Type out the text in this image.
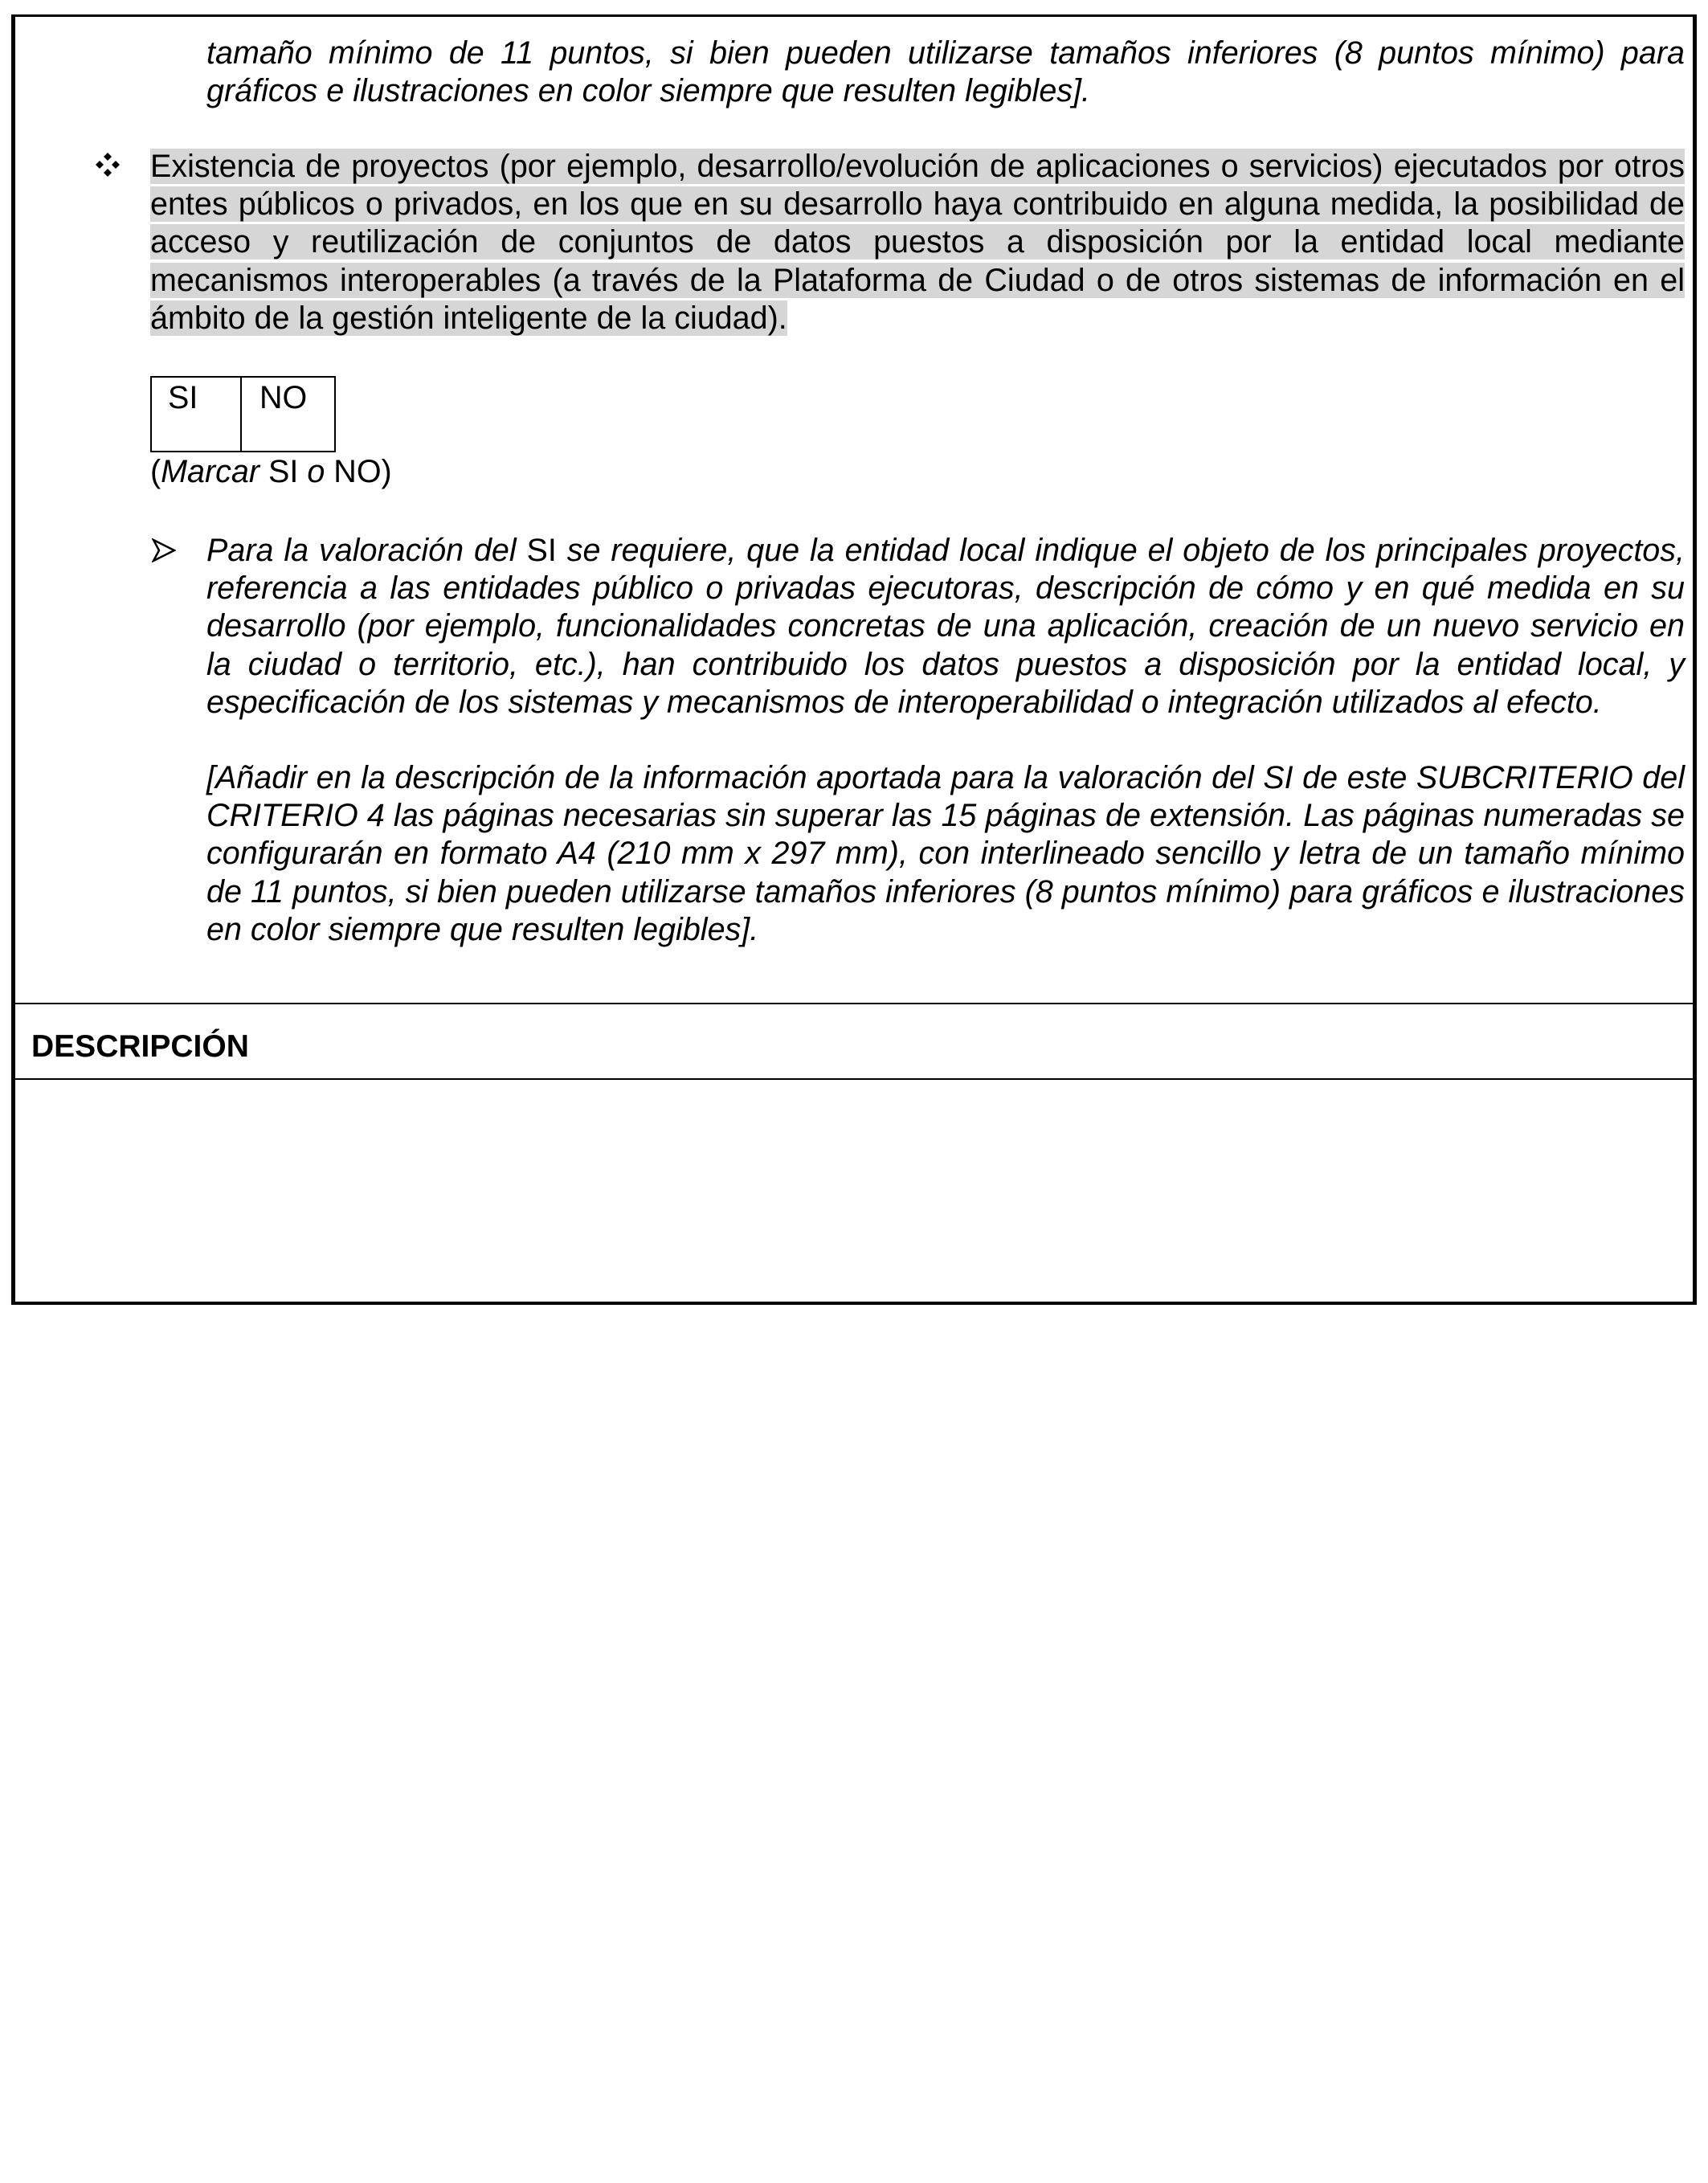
tamaño mínimo de 11 puntos, si bien pueden utilizarse tamaños inferiores (8 puntos mínimo) para gráficos e ilustraciones en color siempre que resulten legibles].
Existencia de proyectos (por ejemplo, desarrollo/evolución de aplicaciones o servicios) ejecutados por otros entes públicos o privados, en los que en su desarrollo haya contribuido en alguna medida, la posibilidad de acceso y reutilización de conjuntos de datos puestos a disposición por la entidad local mediante mecanismos interoperables (a través de la Plataforma de Ciudad o de otros sistemas de información en el ámbito de la gestión inteligente de la ciudad).
SI	NO
(Marcar SI o NO)
Para la valoración del SI se requiere, que la entidad local indique el objeto de los principales proyectos, referencia a las entidades público o privadas ejecutoras, descripción de cómo y en qué medida en su desarrollo (por ejemplo, funcionalidades concretas de una aplicación, creación de un nuevo servicio en la ciudad o territorio, etc.), han contribuido los datos puestos a disposición por la entidad local, y especificación de los sistemas y mecanismos de interoperabilidad o integración utilizados al efecto.
[Añadir en la descripción de la información aportada para la valoración del SI de este SUBCRITERIO del CRITERIO 4 las páginas necesarias sin superar las 15 páginas de extensión. Las páginas numeradas se configurarán en formato A4 (210 mm x 297 mm), con interlineado sencillo y letra de un tamaño mínimo de 11 puntos, si bien pueden utilizarse tamaños inferiores (8 puntos mínimo) para gráficos e ilustraciones en color siempre que resulten legibles].
DESCRIPCIÓN
